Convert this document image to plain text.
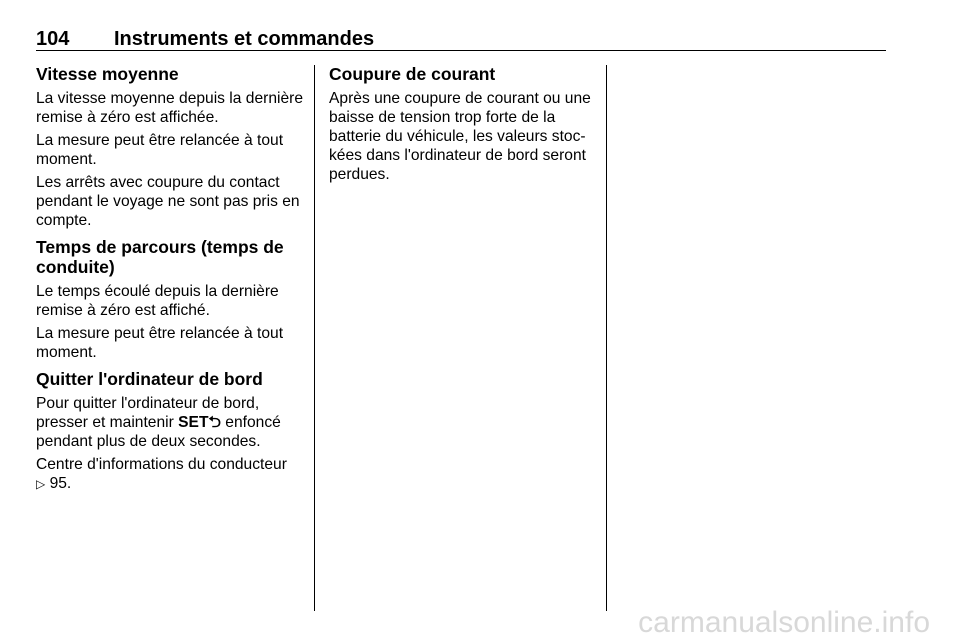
104 Instruments et commandes
Vitesse moyenne

La vitesse moyenne depuis la dernière remise à zéro est affichée.

La mesure peut être relancée à tout moment.

Les arrêts avec coupure du contact pendant le voyage ne sont pas pris en compte.

Temps de parcours (temps de conduite)

Le temps écoulé depuis la dernière remise à zéro est affiché.

La mesure peut être relancée à tout moment.

Quitter l'ordinateur de bord

Pour quitter l'ordinateur de bord, presser et maintenir SET⮌ enfoncé pendant plus de deux secondes.

Centre d'informations du conducteur
▷ 95.

Coupure de courant

Après une coupure de courant ou une baisse de tension trop forte de la batterie du véhicule, les valeurs stoc-kées dans l'ordinateur de bord seront perdues.

carmanualsonline.info
